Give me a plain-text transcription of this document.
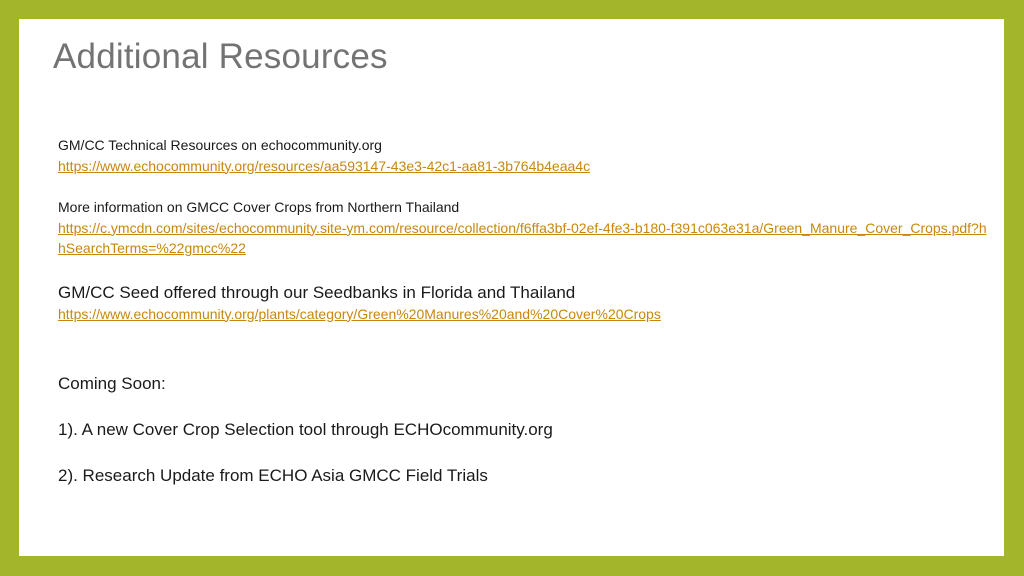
Additional Resources

GM/CC Technical Resources on echocommunity.org

https://www.echocommunity.org/resources/aa593147-43e3-42c1-aa81-3b764b4eaa4c

More information on GMCC Cover Crops from Northern Thailand

https://c.ymcdn.com/sites/echocommunity.site-ym.com/resource/collection/f6ffa3bf-02ef-4fe3-b180-f391c063e31a/Green_Manure_Cover_Crops.pdf?hhSearchTerms=%22gmcc%22

GM/CC Seed offered through our Seedbanks in Florida and Thailand

https://www.echocommunity.org/plants/category/Green%20Manures%20and%20Cover%20Crops

Coming Soon:

1). A new Cover Crop Selection tool through ECHOcommunity.org

2). Research Update from ECHO Asia GMCC Field Trials
